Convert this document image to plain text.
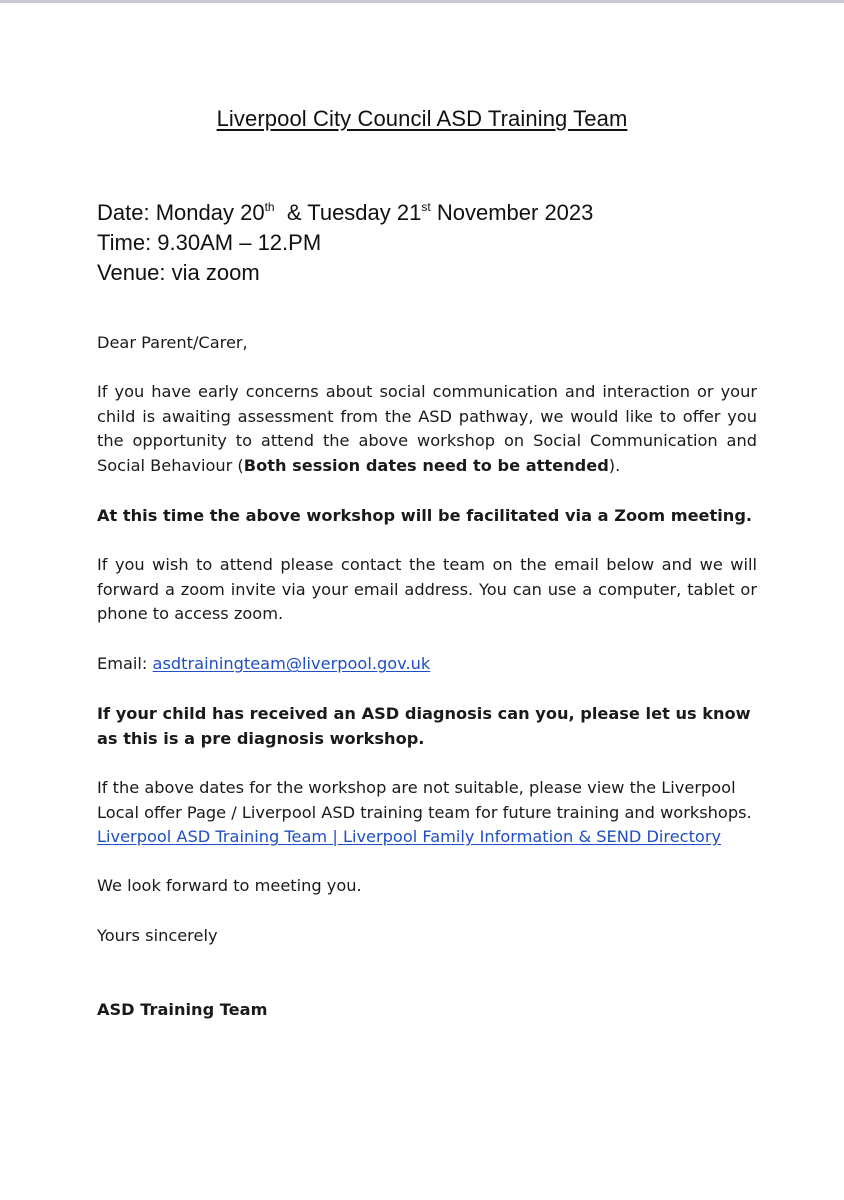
Liverpool City Council ASD Training Team
Date: Monday 20th & Tuesday 21st November 2023
Time: 9.30AM – 12.PM
Venue: via zoom
Dear Parent/Carer,
If you have early concerns about social communication and interaction or your child is awaiting assessment from the ASD pathway, we would like to offer you the opportunity to attend the above workshop on Social Communication and Social Behaviour (Both session dates need to be attended).
At this time the above workshop will be facilitated via a Zoom meeting.
If you wish to attend please contact the team on the email below and we will forward a zoom invite via your email address. You can use a computer, tablet or phone to access zoom.
Email: asdtrainingteam@liverpool.gov.uk
If your child has received an ASD diagnosis can you, please let us know as this is a pre diagnosis workshop.
If the above dates for the workshop are not suitable, please view the Liverpool
Local offer Page / Liverpool ASD training team for future training and workshops.
Liverpool ASD Training Team | Liverpool Family Information & SEND Directory
We look forward to meeting you.
Yours sincerely
ASD Training Team
